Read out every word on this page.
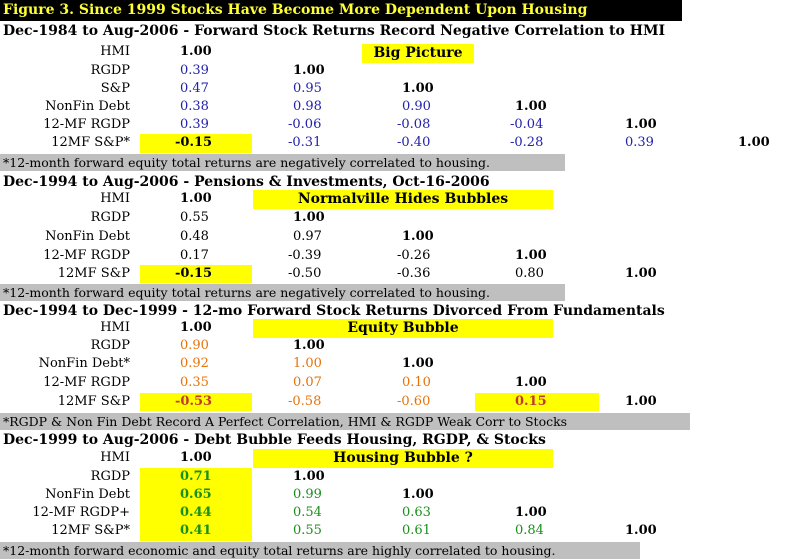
Figure 3. Since 1999 Stocks Have Become More Dependent Upon Housing
Dec-1984 to Aug-2006 - Forward Stock Returns Record Negative Correlation to HMI
Big Picture
HMI	1.00
RGDP	0.39	1.00
S&P	0.47	0.95	1.00
NonFin Debt	0.38	0.98	0.90	1.00
12-MF RGDP	0.39	-0.06	-0.08	-0.04	1.00
12MF S&P*	-0.15	-0.31	-0.40	-0.28	0.39	1.00
*12-month forward equity total returns are negatively correlated to housing.
Dec-1994 to Aug-2006 - Pensions & Investments, Oct-16-2006
Normalville Hides Bubbles
HMI	1.00
RGDP	0.55	1.00
NonFin Debt	0.48	0.97	1.00
12-MF RGDP	0.17	-0.39	-0.26	1.00
12MF S&P	-0.15	-0.50	-0.36	0.80	1.00
*12-month forward equity total returns are negatively correlated to housing.
Dec-1994 to Dec-1999 - 12-mo Forward Stock Returns Divorced From Fundamentals
Equity Bubble
HMI	1.00
RGDP	0.90	1.00
NonFin Debt*	0.92	1.00	1.00
12-MF RGDP	0.35	0.07	0.10	1.00
12MF S&P	-0.53	-0.58	-0.60	0.15	1.00
*RGDP & Non Fin Debt Record A Perfect Correlation, HMI & RGDP Weak Corr to Stocks
Dec-1999 to Aug-2006 - Debt Bubble Feeds Housing, RGDP, & Stocks
Housing Bubble ?
HMI	1.00
RGDP	0.71	1.00
NonFin Debt	0.65	0.99	1.00
12-MF RGDP+	0.44	0.54	0.63	1.00
12MF S&P*	0.41	0.55	0.61	0.84	1.00
*12-month forward economic and equity total returns are highly correlated to housing.
